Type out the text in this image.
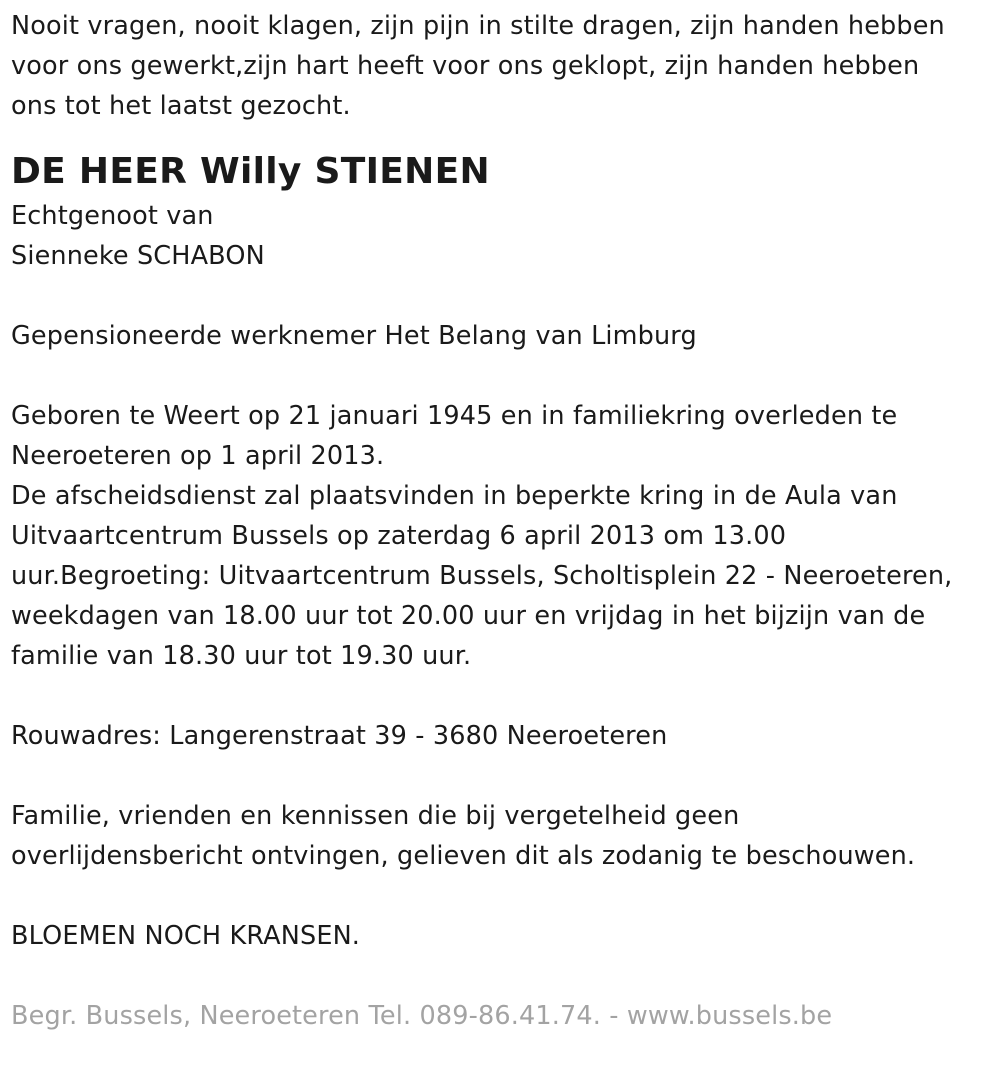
Nooit vragen, nooit klagen, zijn pijn in stilte dragen, zijn handen hebben

voor ons gewerkt,zijn hart heeft voor ons geklopt, zijn handen hebben

ons tot het laatst gezocht.

DE HEER Willy STIENEN

Echtgenoot van

Sienneke SCHABON

Gepensioneerde werknemer Het Belang van Limburg

Geboren te Weert op 21 januari 1945 en in familiekring overleden te

Neeroeteren op 1 april 2013.

De afscheidsdienst zal plaatsvinden in beperkte kring in de Aula van

Uitvaartcentrum Bussels op zaterdag 6 april 2013 om 13.00

uur.Begroeting: Uitvaartcentrum Bussels, Scholtisplein 22 - Neeroeteren,

weekdagen van 18.00 uur tot 20.00 uur en vrijdag in het bijzijn van de

familie van 18.30 uur tot 19.30 uur.

Rouwadres: Langerenstraat 39 - 3680 Neeroeteren

Familie, vrienden en kennissen die bij vergetelheid geen

overlijdensbericht ontvingen, gelieven dit als zodanig te beschouwen.

BLOEMEN NOCH KRANSEN.

Begr. Bussels, Neeroeteren Tel. 089-86.41.74. - www.bussels.be
